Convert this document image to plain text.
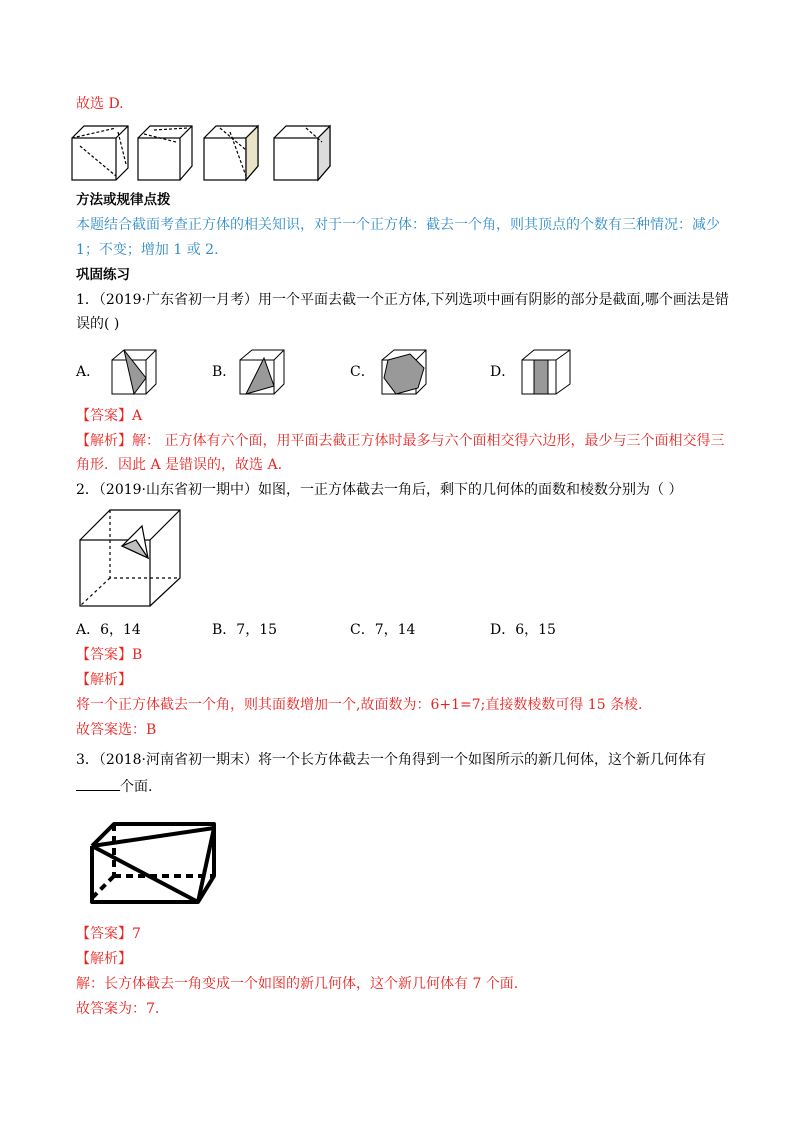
故选 D.
方法或规律点拨
本题结合截面考查正方体的相关知识，对于一个正方体：截去一个角，则其顶点的个数有三种情况：减少
1；不变；增加 1 或 2.
巩固练习
1．（2019·广东省初一月考）用一个平面去截一个正方体,下列选项中画有阴影的部分是截面,哪个画法是错
误的( )
A．	B．	C．	D．
【答案】A
【解析】解： 正方体有六个面，用平面去截正方体时最多与六个面相交得六边形，最少与三个面相交得三
角形．因此 A 是错误的，故选 A.
2．（2019·山东省初一期中）如图，一正方体截去一角后，剩下的几何体的面数和棱数分别为（ ）
A．6，14	B．7，15	C．7，14	D．6，15
【答案】B
【解析】
将一个正方体截去一个角，则其面数增加一个,故面数为：6+1=7;直接数棱数可得 15 条棱.
故答案选：B
3．（2018·河南省初一期末）将一个长方体截去一个角得到一个如图所示的新几何体，这个新几何体有
个面.
【答案】7
【解析】
解：长方体截去一角变成一个如图的新几何体，这个新几何体有 7 个面.
故答案为：7.
